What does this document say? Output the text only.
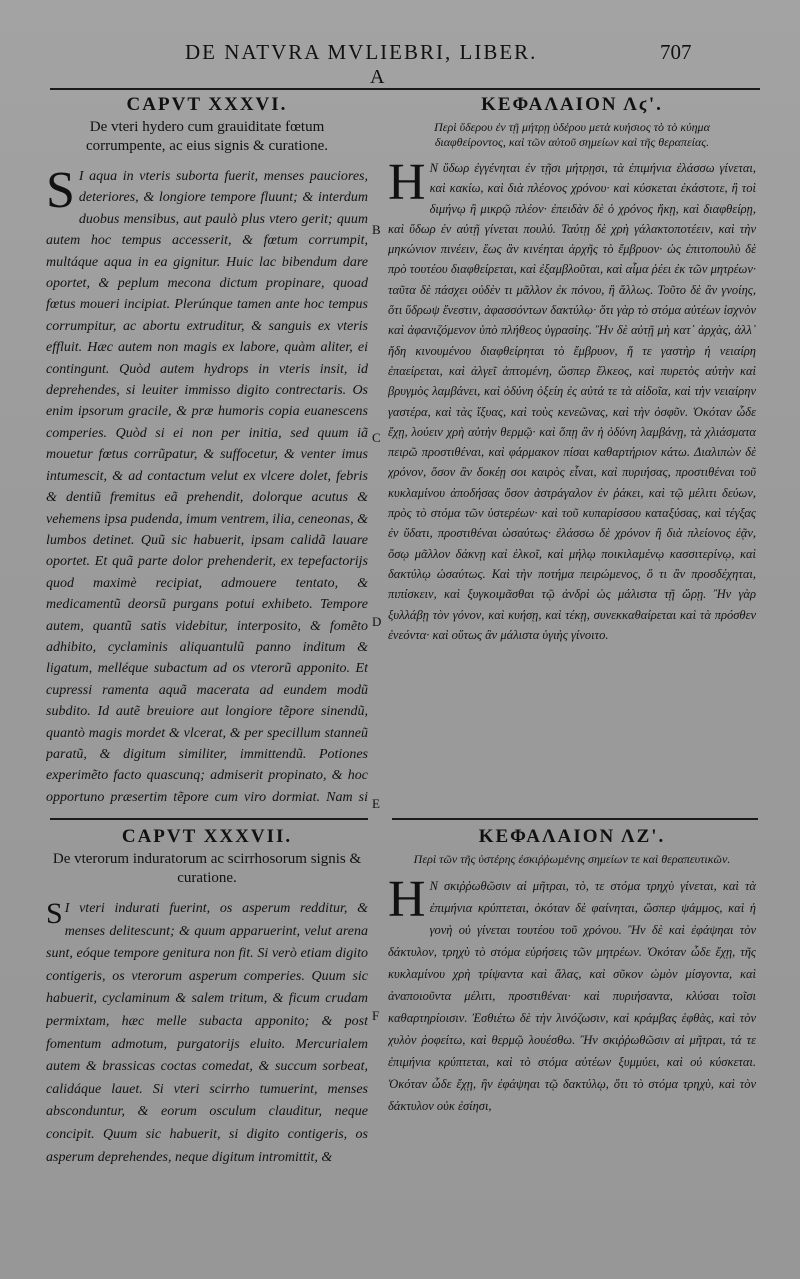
DE NATVRA MVLIEBRI, LIBER.	707
A
B
C
D
E
F
CAPVT XXXVI.

De vteri hydero cum grauiditate fœtum corrumpente, ac eius signis & curatione.

S I aqua in vteris suborta fuerit, menses pauciores, deteriores, & longiore tempore fluunt; & interdum duobus mensibus, aut paulò plus vtero gerit; quum autem hoc tempus accesserit, & fœtum corrumpit, multáque aqua in ea gignitur. Huic lac bibendum dare oportet, & peplum mecona dictum propinare, quoad fœtus moueri incipiat. Plerúnque tamen ante hoc tempus corrumpitur, ac abortu extruditur, & sanguis ex vteris effluit. Hæc autem non magis ex labore, quàm aliter, ei contingunt. Quòd autem hydrops in vteris insit, id deprehendes, si leuiter immisso digito contrectaris. Os enim ipsorum gracile, & præ humoris copia euanescens comperies. Quòd si ei non per initia, sed quum iã mouetur fœtus corrũpatur, & suffocetur, & venter imus intumescit, & ad contactum velut ex vlcere dolet, febris & dentiũ fremitus eã prehendit, dolorque acutus & vehemens ipsa pudenda, imum ventrem, ilia, ceneonas, & lumbos detinet. Quũ sic habuerit, ipsam calidã lauare oportet. Et quã parte dolor prehenderit, ex tepefactorijs quod maximè recipiat, admouere tentato, & medicamentũ deorsũ purgans potui exhibeto. Tempore autem, quantũ satis videbitur, interposito, & fomẽto adhibito, cyclaminis aliquantulũ panno inditum & ligatum, melléque subactum ad os vterorũ apponito. Et cupressi ramenta aquã macerata ad eundem modũ subdito. Id autẽ breuiore aut longiore tẽpore sinendũ, quantò magis mordet & vlcerat, & per specillum stanneũ paratũ, & digitum similiter, immittendũ. Potiones experimẽto facto quascunq; admiserit propinato, & hoc opportuno præsertim tẽpore cum viro dormiat. Nam si

ΚΕΦΑΛΑΙΟΝ Λϛ'.

Περὶ ὕδερου ἐν τῇ μήτρῃ ὑδέρου μετὰ κυήσιος τὸ τὸ κύημα διαφθείροντος, καὶ τῶν αὐτοῦ σημείων καὶ τῆς θεραπείας.

Η Ν ὕδωρ ἐγγένηται ἐν τῇσι μήτρῃσι, τὰ ἐπιμήνια ἐλάσσω γίνεται, καὶ κακίω, καὶ διὰ πλέονος χρόνου· καὶ κύσκεται ἐκάστοτε, ἢ τοὶ διμήνῳ ἢ μικρῷ πλέον· ἐπειδὰν δὲ ὁ χρόνος ἥκῃ, καὶ διαφθείρῃ, καὶ ὕδωρ ἐν αὐτῇ γίνεται πουλύ. Ταύτῃ δὲ χρὴ γάλακτοποτέειν, καὶ τὴν μηκώνιον πινέειν, ἕως ἂν κινέηται ἀρχῆς τὸ ἔμβρυον· ὡς ἐπιτοπουλὺ δὲ πρὸ τουτέου διαφθείρεται, καὶ ἐξαμβλοῦται, καὶ αἷμα ῥέει ἐκ τῶν μητρέων· ταῦτα δὲ πάσχει οὐδὲν τι μᾶλλον ἐκ πόνου, ἢ ἄλλως. Τοῦτο δὲ ἂν γνοίης, ὅτι ὕδρωψ ἔνεστιν, ἀφασσόντων δακτύλῳ· ὅτι γὰρ τὸ στόμα αὐτέων ἰσχνὸν καὶ ἀφανιζόμενον ὑπὸ πλήθεος ὑγρασίης. Ἢν δὲ αὐτῇ μὴ κατ᾽ ἀρχὰς, ἀλλ᾽ ἤδη κινουμένου διαφθείρηται τὸ ἔμβρυον, ἥ τε γαστὴρ ἡ νειαίρη ἐπαείρεται, καὶ ἀλγεῖ ἀπτομένη, ὥσπερ ἕλκεος, καὶ πυρετὸς αὐτὴν καὶ βρυγμὸς λαμβάνει, καὶ ὀδύνη ὀξείη ἐς αὐτά τε τὰ αἰδοῖα, καὶ τὴν νειαίρην γαστέρα, καὶ τὰς ἴξυας, καὶ τοὺς κενεῶνας, καὶ τὴν ὀσφῦν. Ὁκόταν ὧδε ἔχῃ, λούειν χρὴ αὐτὴν θερμῷ· καὶ ὅπῃ ἂν ἡ ὀδύνη λαμβάνῃ, τὰ χλιάσματα πειρῶ προστιθέναι, καὶ φάρμακον πίσαι καθαρτήριον κάτω. Διαλιπὼν δὲ χρόνον, ὅσον ἂν δοκέῃ σοι καιρὸς εἶναι, καὶ πυριήσας, προστιθέναι τοῦ κυκλαμίνου ἀποδήσας ὅσον ἀστράγαλον ἐν ῥάκει, καὶ τῷ μέλιτι δεύων, πρὸς τὸ στόμα τῶν ὑστερέων· καὶ τοῦ κυπαρίσσου καταξύσας, καὶ τέγξας ἐν ὕδατι, προστιθέναι ὡσαύτως· ἐλάσσω δὲ χρόνον ἢ διὰ πλείονος ἐᾷν, ὅσῳ μᾶλλον δάκνῃ καὶ ἑλκοῖ, καὶ μήλῳ ποικιλαμένῳ κασσιτερίνῳ, καὶ δακτύλῳ ὡσαύτως. Καὶ τὴν ποτήμα πειρώμενος, ὅ τι ἂν προσδέχηται, πιπίσκειν, καὶ ξυγκοιμᾶσθαι τῷ ἀνδρὶ ὡς μάλιστα τῇ ὥρῃ. Ἢν γὰρ ξυλλάβῃ τὸν γόνον, καὶ κυήσῃ, καὶ τέκῃ, συνεκκαθαίρεται καὶ τὰ πρόσθεν ἐνεόντα· καὶ οὕτως ἂν μάλιστα ὑγιὴς γίνοιτο.

CAPVT XXXVII.

De vterorum induratorum ac scirrhosorum signis & curatione.

S I vteri indurati fuerint, os asperum redditur, & menses delitescunt; & quum apparuerint, velut arena sunt, eóque tempore genitura non fit. Si verò etiam digito contigeris, os vterorum asperum comperies. Quum sic habuerit, cyclaminum & salem tritum, & ficum crudam permixtam, hæc melle subacta apponito; & post fomentum admotum, purgatorijs eluito. Mercurialem autem & brassicas coctas comedat, & succum sorbeat, calidáque lauet. Si vteri scirrho tumuerint, menses absconduntur, & eorum osculum clauditur, neque concipit. Quum sic habuerit, si digito contigeris, os asperum deprehendes, neque digitum intromittit, &

ΚΕΦΑΛΑΙΟΝ ΛΖ'.

Περὶ τῶν τῆς ὑστέρης ἐσκιῤῥωμένης σημείων τε καὶ θεραπευτικῶν.

Η Ν σκιῤῥωθῶσιν αἱ μῆτραι, τὸ, τε στόμα τρηχὺ γίνεται, καὶ τὰ ἐπιμήνια κρύπτεται, ὁκόταν δὲ φαίνηται, ὥσπερ ψάμμος, καὶ ἡ γονὴ οὐ γίνεται τουτέου τοῦ χρόνου. Ἢν δὲ καὶ ἐφάψηαι τὸν δάκτυλον, τρηχὺ τὸ στόμα εὑρήσεις τῶν μητρέων. Ὁκόταν ὧδε ἔχῃ, τῆς κυκλαμίνου χρὴ τρίψαντα καὶ ἅλας, καὶ σῦκον ὠμὸν μίσγοντα, καὶ ἀναποιοῦντα μέλιτι, προστιθέναι· καὶ πυριήσαντα, κλύσαι τοῖσι καθαρτηρίοισιν. Ἐσθιέτω δὲ τὴν λινόζωσιν, καὶ κράμβας ἑφθὰς, καὶ τὸν χυλὸν ῥοφείτω, καὶ θερμῷ λουέσθω. Ἢν σκιῤῥωθῶσιν αἱ μῆτραι, τά τε ἐπιμήνια κρύπτεται, καὶ τὸ στόμα αὐτέων ξυμμύει, καὶ οὐ κύσκεται. Ὁκόταν ὧδε ἔχῃ, ἢν ἐφάψηαι τῷ δακτύλῳ, ὅτι τὸ στόμα τρηχὺ, καὶ τὸν δάκτυλον οὐκ ἐσίησι,
